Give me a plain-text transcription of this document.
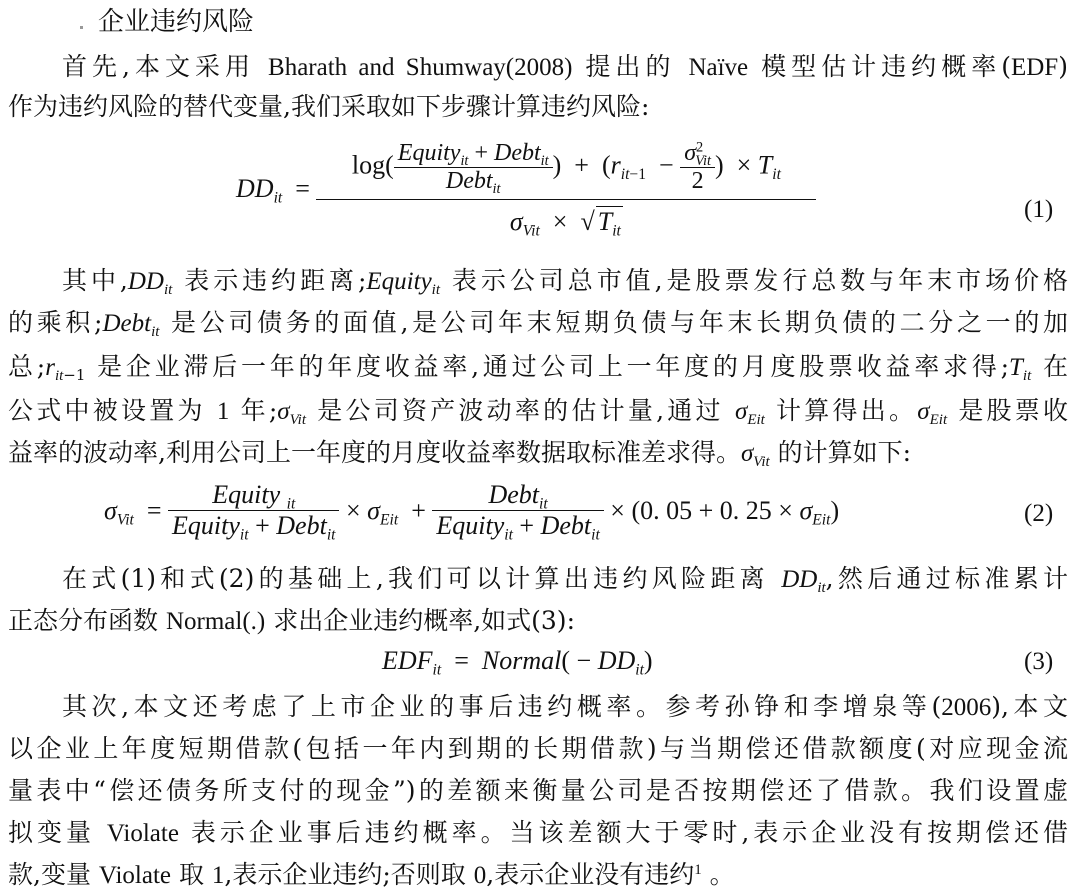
企业违约风险
首先,本文采用 Bharath and Shumway(2008) 提出的 Naïve 模型估计违约概率(EDF)
作为违约风险的替代变量,我们采取如下步骤计算违约风险:
$DD_{it} = \frac{\log( \frac{Equity_{it} + Debt_{it}}{Debt_{it}} ) + (r_{it-1} - \frac{\sigma^2_{Vit}}{2} ) \times T_{it}}{\sigma_{Vit} \times √ T_{it}}$	(1)
其中$,DD_{it}$ 表示违约距离;Equity$_{it}$ 表示公司总市值,是股票发行总数与年末市场价格
的乘积;Debt$_{it}$ 是公司债务的面值,是公司年末短期负债与年末长期负债的二分之一的加
总$;r_{it-1}$ 是企业滞后一年的年度收益率,通过公司上一年度的月度股票收益率求得$;T_{it}$ 在
公式中被设置为 1 年$;\sigma_{Vit}$ 是公司资产波动率的估计量,通过 $\sigma_{Eit}$ 计算得出。$\sigma_{Eit}$ 是股票收
益率的波动率,利用公司上一年度的月度收益率数据取标准差求得。$\sigma_{Vit}$ 的计算如下:
$\sigma_{Vit} = \frac{Equity _{it}}{Equity_{it} + Debt_{it}} \times \sigma_{Eit} + \frac{Debt_{it}}{Equity_{it} + Debt_{it}} \times (0$. 05 + 0. $25 \times \sigma_{Eit}$)	(2)
在式(1)和式(2)的基础上,我们可以计算出违约风险距离 $DD_{it}$,然后通过标准累计
正态分布函数 Normal(.) 求出企业违约概率,如式(3):
$EDF_{it}$  =  Normal( − $DD_{it}$)	(3)
其次,本文还考虑了上市企业的事后违约概率。参考孙铮和李增泉等(2006),本文
以企业上年度短期借款(包括一年内到期的长期借款)与当期偿还借款额度(对应现金流
量表中“偿还债务所支付的现金”)的差额来衡量公司是否按期偿还了借款。我们设置虚
拟变量 Violate 表示企业事后违约概率。当该差额大于零时,表示企业没有按期偿还借
款,变量 Violate 取 1,表示企业违约;否则取 0,表示企业没有违约$^1$ 。
